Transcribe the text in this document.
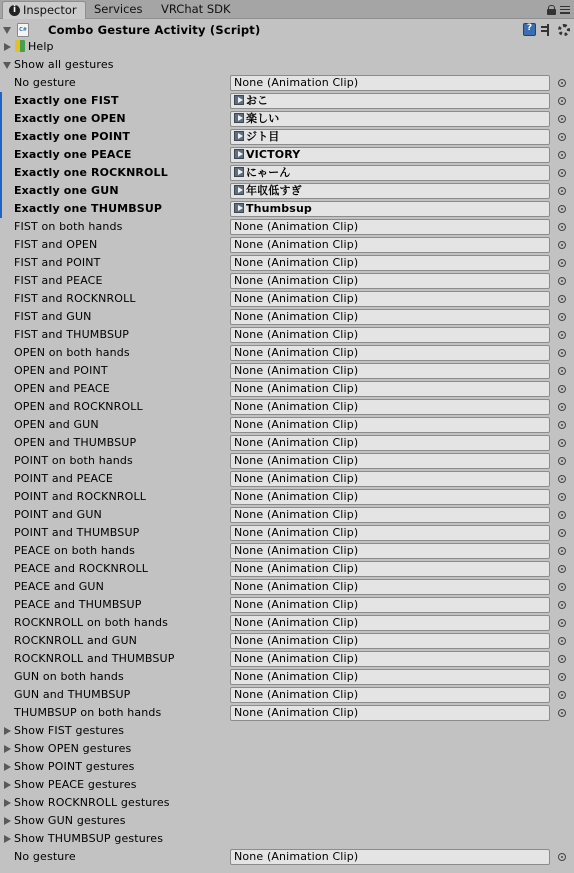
i
Inspector	Services	VRChat SDK
C#
Combo Gesture Activity (Script)
?
Help
Show all gestures
No gesture	None (Animation Clip)
Exactly one FIST	おこ
Exactly one OPEN	楽しい
Exactly one POINT	ジト目
Exactly one PEACE	VICTORY
Exactly one ROCKNROLL	にゃーん
Exactly one GUN	年収低すぎ
Exactly one THUMBSUP	Thumbsup
FIST on both hands	None (Animation Clip)
FIST and OPEN	None (Animation Clip)
FIST and POINT	None (Animation Clip)
FIST and PEACE	None (Animation Clip)
FIST and ROCKNROLL	None (Animation Clip)
FIST and GUN	None (Animation Clip)
FIST and THUMBSUP	None (Animation Clip)
OPEN on both hands	None (Animation Clip)
OPEN and POINT	None (Animation Clip)
OPEN and PEACE	None (Animation Clip)
OPEN and ROCKNROLL	None (Animation Clip)
OPEN and GUN	None (Animation Clip)
OPEN and THUMBSUP	None (Animation Clip)
POINT on both hands	None (Animation Clip)
POINT and PEACE	None (Animation Clip)
POINT and ROCKNROLL	None (Animation Clip)
POINT and GUN	None (Animation Clip)
POINT and THUMBSUP	None (Animation Clip)
PEACE on both hands	None (Animation Clip)
PEACE and ROCKNROLL	None (Animation Clip)
PEACE and GUN	None (Animation Clip)
PEACE and THUMBSUP	None (Animation Clip)
ROCKNROLL on both hands	None (Animation Clip)
ROCKNROLL and GUN	None (Animation Clip)
ROCKNROLL and THUMBSUP	None (Animation Clip)
GUN on both hands	None (Animation Clip)
GUN and THUMBSUP	None (Animation Clip)
THUMBSUP on both hands	None (Animation Clip)
Show FIST gestures
Show OPEN gestures
Show POINT gestures
Show PEACE gestures
Show ROCKNROLL gestures
Show GUN gestures
Show THUMBSUP gestures
No gesture	None (Animation Clip)
